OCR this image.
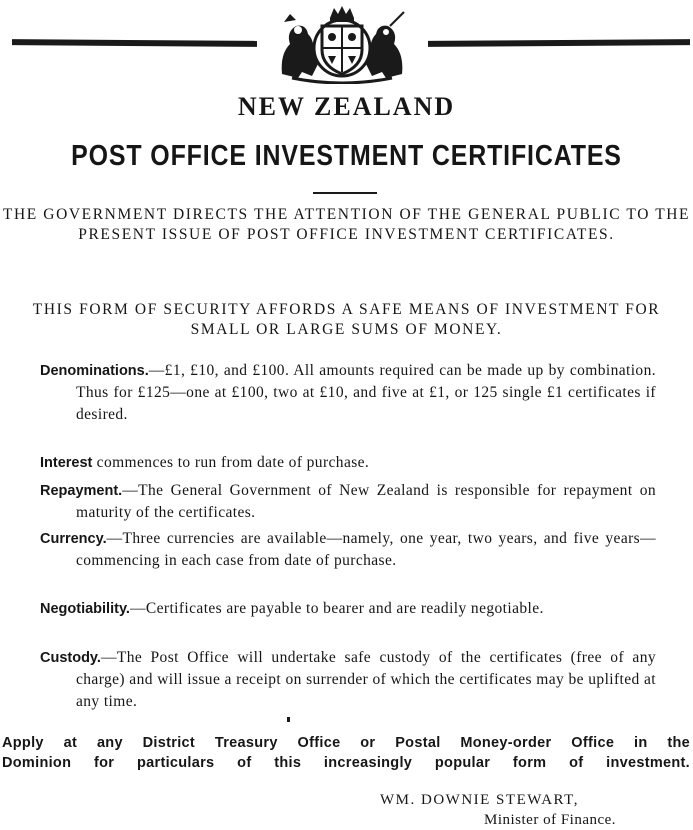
NEW ZEALAND
POST OFFICE INVESTMENT CERTIFICATES
THE GOVERNMENT DIRECTS THE ATTENTION OF THE GENERAL PUBLIC TO THE PRESENT ISSUE OF POST OFFICE INVESTMENT CERTIFICATES.
THIS FORM OF SECURITY AFFORDS A SAFE MEANS OF INVESTMENT FOR SMALL OR LARGE SUMS OF MONEY.
Denominations.—£1, £10, and £100. All amounts required can be made up by combination. Thus for £125—one at £100, two at £10, and five at £1, or 125 single £1 certificates if desired.
Interest commences to run from date of purchase.
Repayment.—The General Government of New Zealand is responsible for repayment on maturity of the certificates.
Currency.—Three currencies are available—namely, one year, two years, and five years—commencing in each case from date of purchase.
Negotiability.—Certificates are payable to bearer and are readily negotiable.
Custody.—The Post Office will undertake safe custody of the certificates (free of any charge) and will issue a receipt on surrender of which the certificates may be uplifted at any time.
Apply at any District Treasury Office or Postal Money-order Office in the
Dominion for particulars of this increasingly popular form of investment.
WM. DOWNIE STEWART,
Minister of Finance.
